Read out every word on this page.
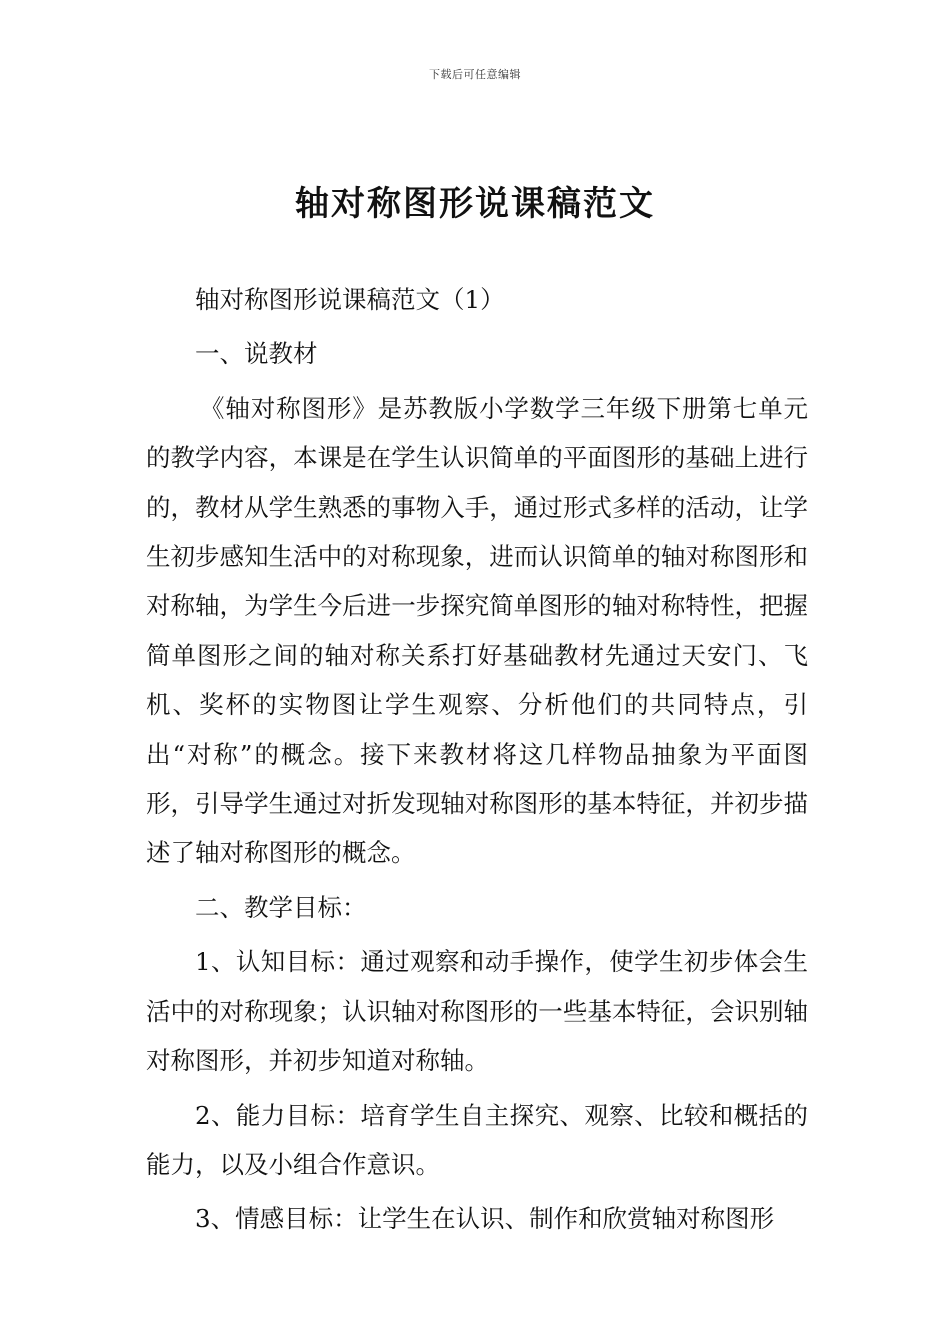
下载后可任意编辑
轴对称图形说课稿范文

轴对称图形说课稿范文（1）

一、说教材

《轴对称图形》是苏教版小学数学三年级下册第七单元的教学内容，本课是在学生认识简单的平面图形的基础上进行的，教材从学生熟悉的事物入手，通过形式多样的活动，让学生初步感知生活中的对称现象，进而认识简单的轴对称图形和对称轴，为学生今后进一步探究简单图形的轴对称特性，把握简单图形之间的轴对称关系打好基础教材先通过天安门、飞机、奖杯的实物图让学生观察、分析他们的共同特点，引出“对称”的概念。接下来教材将这几样物品抽象为平面图形，引导学生通过对折发现轴对称图形的基本特征，并初步描述了轴对称图形的概念。

二、教学目标：

1、认知目标：通过观察和动手操作，使学生初步体会生活中的对称现象；认识轴对称图形的一些基本特征，会识别轴对称图形，并初步知道对称轴。

2、能力目标：培育学生自主探究、观察、比较和概括的能力，以及小组合作意识。

3、情感目标：让学生在认识、制作和欣赏轴对称图形
